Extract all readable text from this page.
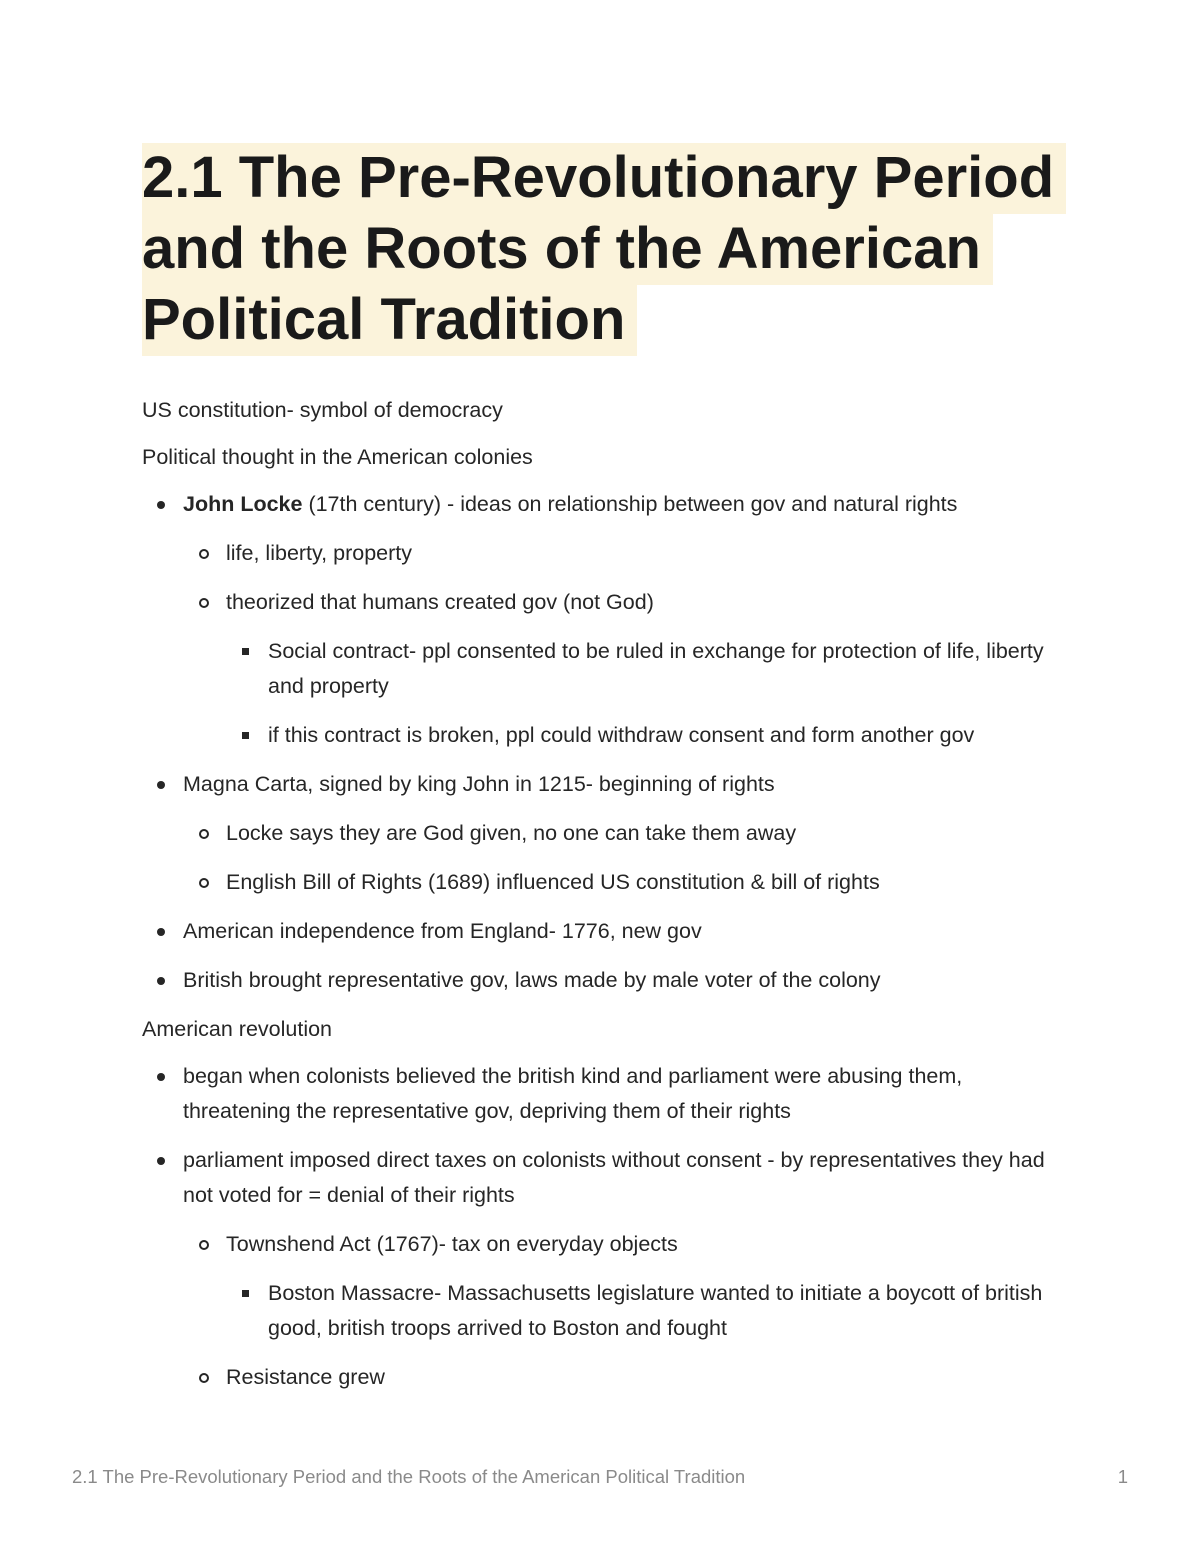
2.1 The Pre-Revolutionary Period and the Roots of the American Political Tradition

US constitution- symbol of democracy

Political thought in the American colonies

John Locke (17th century) - ideas on relationship between gov and natural rights
life, liberty, property
theorized that humans created gov (not God)
Social contract- ppl consented to be ruled in exchange for protection of life, liberty and property
if this contract is broken, ppl could withdraw consent and form another gov
Magna Carta, signed by king John in 1215- beginning of rights
Locke says they are God given, no one can take them away
English Bill of Rights (1689) influenced US constitution & bill of rights
American independence from England- 1776, new gov
British brought representative gov, laws made by male voter of the colony

American revolution

began when colonists believed the british kind and parliament were abusing them, threatening the representative gov, depriving them of their rights
parliament imposed direct taxes on colonists without consent - by representatives they had not voted for = denial of their rights
Townshend Act (1767)- tax on everyday objects
Boston Massacre- Massachusetts legislature wanted to initiate a boycott of british good, british troops arrived to Boston and fought
Resistance grew
2.1 The Pre-Revolutionary Period and the Roots of the American Political Tradition	1
